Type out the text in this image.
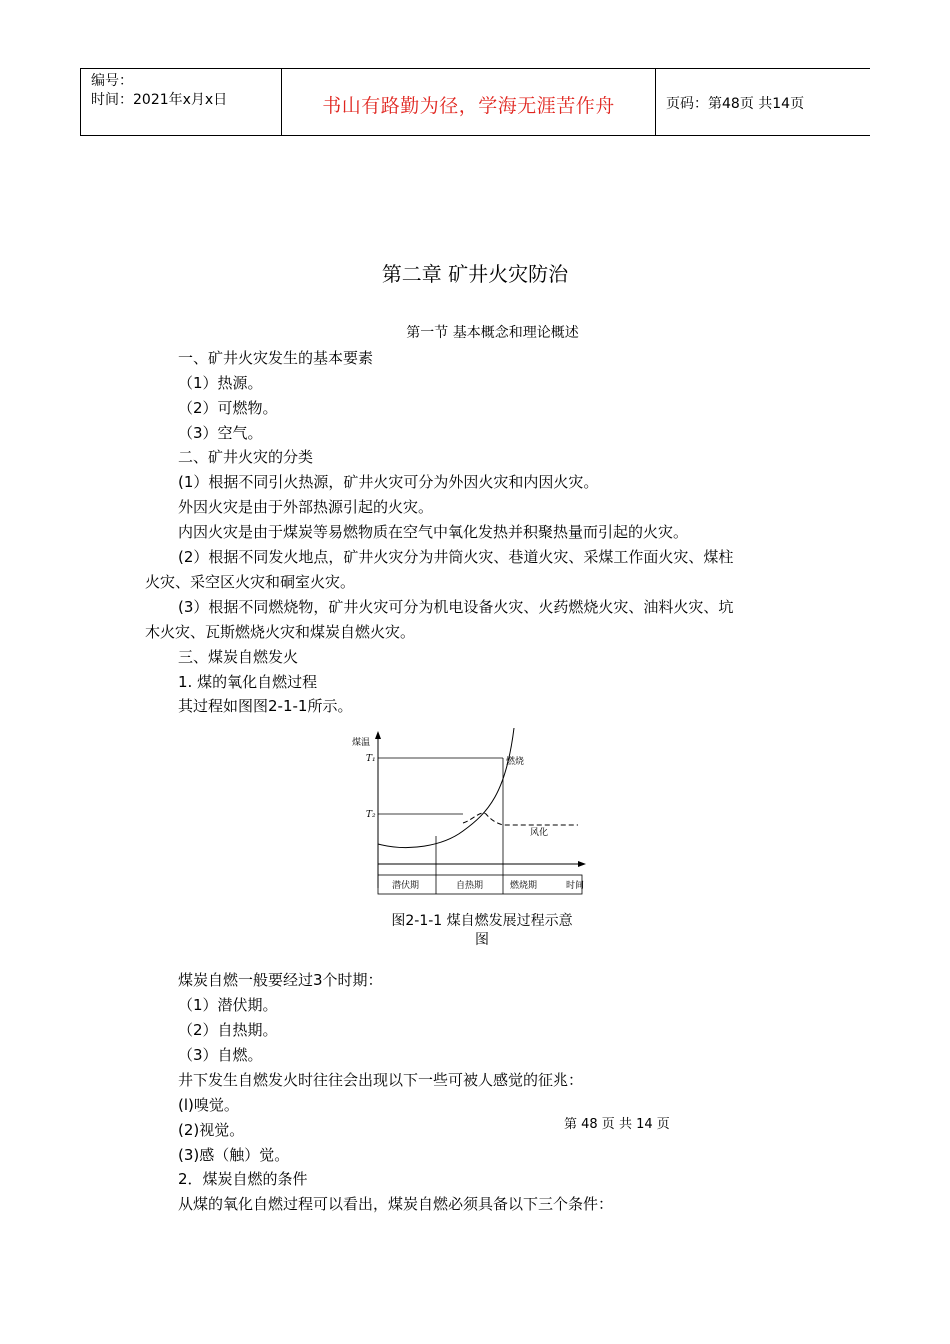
编号：
时间：2021年x月x日	书山有路勤为径，学海无涯苦作舟	页码：第48页 共14页
第二章 矿井火灾防治
第一节 基本概念和理论概述
一、矿井火灾发生的基本要素
（1）热源。
（2）可燃物。
（3）空气。
二、矿井火灾的分类
(1）根据不同引火热源，矿井火灾可分为外因火灾和内因火灾。
外因火灾是由于外部热源引起的火灾。
内因火灾是由于煤炭等易燃物质在空气中氧化发热并积聚热量而引起的火灾。
(2）根据不同发火地点，矿井火灾分为井筒火灾、巷道火灾、采煤工作面火灾、煤柱
火灾、采空区火灾和硐室火灾。
(3）根据不同燃烧物，矿井火灾可分为机电设备火灾、火药燃烧火灾、油料火灾、坑
木火灾、瓦斯燃烧火灾和煤炭自燃火灾。
三、煤炭自燃发火
1. 煤的氧化自燃过程
其过程如图图2-1-1所示。
煤温
T₁
T₂
燃烧
风化
潜伏期	自热期	燃烧期	时间
图2-1-1 煤自燃发展过程示意
图
煤炭自燃一般要经过3个时期：
（1）潜伏期。
（2）自热期。
（3）自燃。
井下发生自燃发火时往往会出现以下一些可被人感觉的征兆：
(l)嗅觉。
(2)视觉。
(3)感（触）觉。
2．煤炭自燃的条件
从煤的氧化自燃过程可以看出，煤炭自燃必须具备以下三个条件：
第 48 页 共 14 页
